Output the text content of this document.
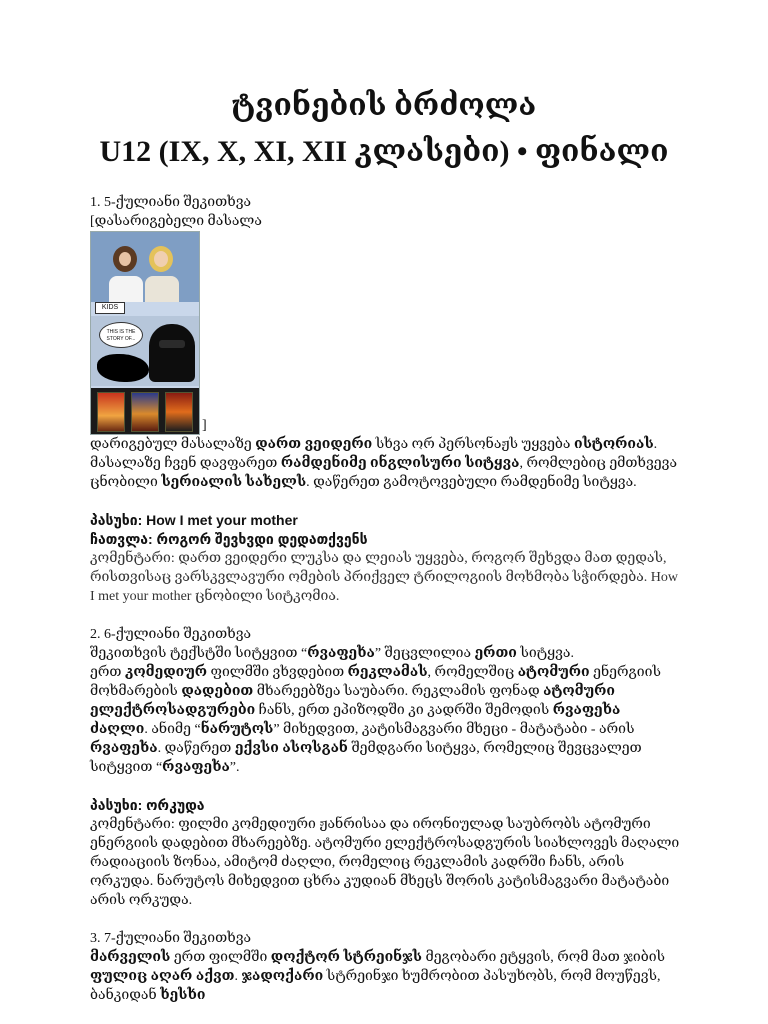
ტვინების ბრძოლა
U12 (IX, X, XI, XII კლასები) • ფინალი

1. 5-ქულიანი შეკითხვა

[დასარიგებელი მასალა

KIDS
THIS IS THE STORY OF...
]

დარიგებულ მასალაზე დართ ვეიდერი სხვა ორ პერსონაჟს უყვება ისტორიას. მასალაზე ჩვენ დავფარეთ რამდენიმე ინგლისური სიტყვა, რომლებიც ემთხვევა ცნობილი სერიალის სახელს. დაწერეთ გამოტოვებული რამდენიმე სიტყვა.

პასუხი: How I met your mother

ჩათვლა: როგორ შევხვდი დედათქვენს

კომენტარი: დართ ვეიდერი ლუკსა და ლეიას უყვება, როგორ შეხვდა მათ დედას, რისთვისაც ვარსკვლავური ომების პრიქველ ტრილოგიის მოხმობა სჭირდება. How I met your mother ცნობილი სიტკომია.

2. 6-ქულიანი შეკითხვა

შეკითხვის ტექსტში სიტყვით “რვაფეხა” შეცვლილია ერთი სიტყვა.
ერთ კომედიურ ფილმში ვხვდებით რეკლამას, რომელშიც ატომური ენერგიის მოხმარების დადებით მხარეებზეა საუბარი. რეკლამის ფონად ატომური ელექტროსადგურები ჩანს, ერთ ეპიზოდში კი კადრში შემოდის რვაფეხა ძაღლი. ანიმე “ნარუტოს” მიხედვით, კატისმაგვარი მხეცი - მატატაბი - არის რვაფეხა. დაწერეთ ექვსი ასოსგან შემდგარი სიტყვა, რომელიც შევცვალეთ სიტყვით “რვაფეხა”.

პასუხი: ორკუდა

კომენტარი: ფილმი კომედიური ჟანრისაა და ირონიულად საუბრობს ატომური ენერგიის დადებით მხარეებზე. ატომური ელექტროსადგურის სიახლოვეს მაღალი რადიაციის ზონაა, ამიტომ ძაღლი, რომელიც რეკლამის კადრში ჩანს, არის ორკუდა. ნარუტოს მიხედვით ცხრა კუდიან მხეცს შორის კატისმაგვარი მატატაბი არის ორკუდა.

3. 7-ქულიანი შეკითხვა

მარველის ერთ ფილმში დოქტორ სტრეინჯს მეგობარი ეტყვის, რომ მათ ჯიბის ფულიც აღარ აქვთ. ჯადოქარი სტრეინჯი ხუმრობით პასუხობს, რომ მოუწევს, ბანკიდან ხესხი
